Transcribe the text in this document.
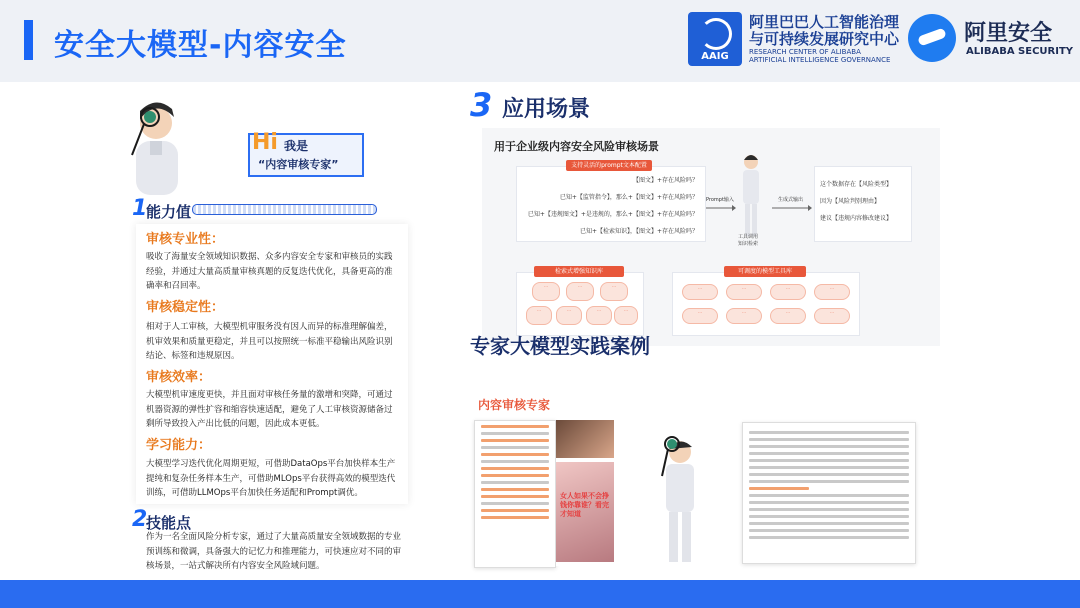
安全大模型-内容安全	AAIG
阿里巴巴人工智能治理
与可持续发展研究中心
RESEARCH CENTER OF ALIBABA
ARTIFICIAL INTELLIGENCE GOVERNANCE
阿里安全
ALIBABA SECURITY
Hi 我是
“内容审核专家”
1
能力值
审核专业性：
吸收了海量安全领域知识数据、众多内容安全专家和审核员的实践经验，并通过大量高质量审核真题的反复迭代优化，具备更高的准确率和召回率。
审核稳定性：
相对于人工审核，大模型机审服务没有因人而异的标准理解偏差，机审效果和质量更稳定，并且可以按照统一标准平稳输出风险识别结论、标签和违规原因。
审核效率：
大模型机审速度更快，并且面对审核任务量的激增和突降，可通过机器资源的弹性扩容和缩容快速适配，避免了人工审核资源储备过剩所导致投入产出比低的问题，因此成本更低。
学习能力：
大模型学习迭代优化周期更短，可借助DataOps平台加快样本生产提纯和复杂任务样本生产，可借助MLOps平台获得高效的模型迭代训练，可借助LLMOps平台加快任务适配和Prompt调优。
2
技能点
作为一名全面风险分析专家，通过了大量高质量安全领域数据的专业预训练和微调，具备强大的记忆力和推理能力，可快速应对不同的审核场景，一站式解决所有内容安全风险域问题。
3 应用场景
用于企业级内容安全风险审核场景
支持灵活的prompt文本配置
【图文】+存在风险吗？
已知+【监管指令】，那么+【图文】+存在风险吗？
已知+【违规图文】+是违规的，那么+【图文】+存在风险吗？
已知+【检索知识】，【图文】+存在风险吗？
Prompt输入	生成式输出
这个数据存在【风险类型】
因为【风险判别理由】
建议【违规内容修改建议】
工具调用
知识检索
检索式增强知识库
...	...	...
...	...	...	...
可调度的模型工具库
...	...	...	...
...	...	...	...
专家大模型实践案例
内容审核专家
女人如果不会挣钱你靠谁？看完才知道
